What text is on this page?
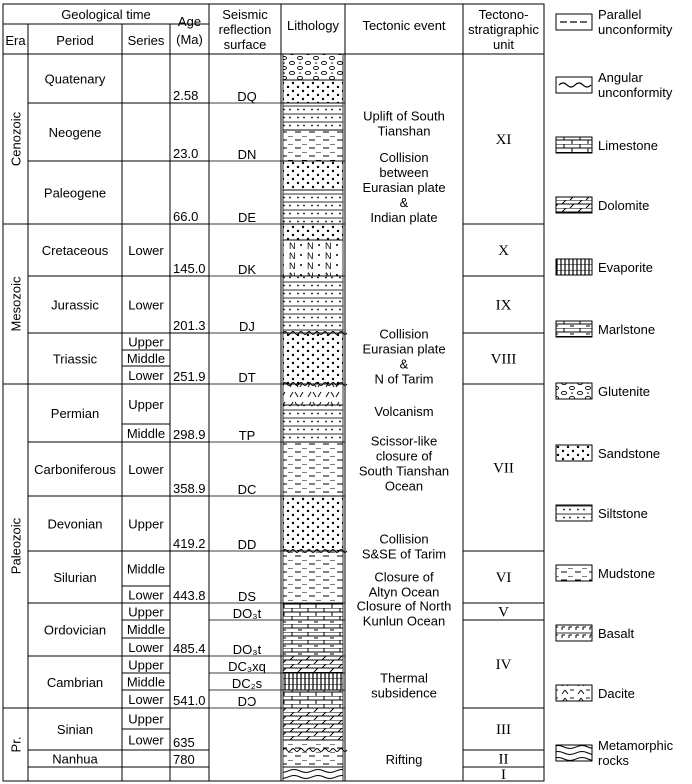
Geological time
Era Period	Series
Age
(Ma)
Seismic
reflection
surface
Lithology Tectonic event
Tectono-
stratigraphic
unit
Cenozoic
Mesozoic
Paleozoic
Pr.
Quatenary
Neogene
Paleogene
Cretaceous
Jurassic
Triassic
Permian
Carboniferous
Devonian
Silurian
Ordovician
Cambrian
Sinian
Nanhua
Lower
Lower
Upper
Middle
Lower
Upper
Middle
Lower
Upper
Middle
Lower
Upper
Middle
Lower
Upper
Middle
Lower
Upper
Lower
2.58
23.0
66.0
145.0
201.3
251.9
298.9
358.9
419.2
443.8
485.4
541.0
635
780
DQ
DN
DE
DK
DJ
DT
TP
DC
DD
DS
DO₃t
DO₃t
DC₃xq
DC₂s
DƆ
Uplift of South
Tianshan
Collision
between
Eurasian plate
&
Indian plate
Collision
Eurasian plate
&
N of Tarim
Volcanism
Scissor-like
closure of
South Tianshan
Ocean
Collision
S&SE of Tarim
Closure of
Altyn Ocean
Closure of North
Kunlun Ocean
Thermal
subsidence
Rifting
XI
X
IX
VIII
VII
VI
V
IV
III
II
I
Parallel
unconformity
Angular
unconformity
Limestone
Dolomite
Evaporite
Marlstone
Glutenite
Sandstone
Siltstone
Mudstone
Basalt
Dacite
Metamorphic
rocks
